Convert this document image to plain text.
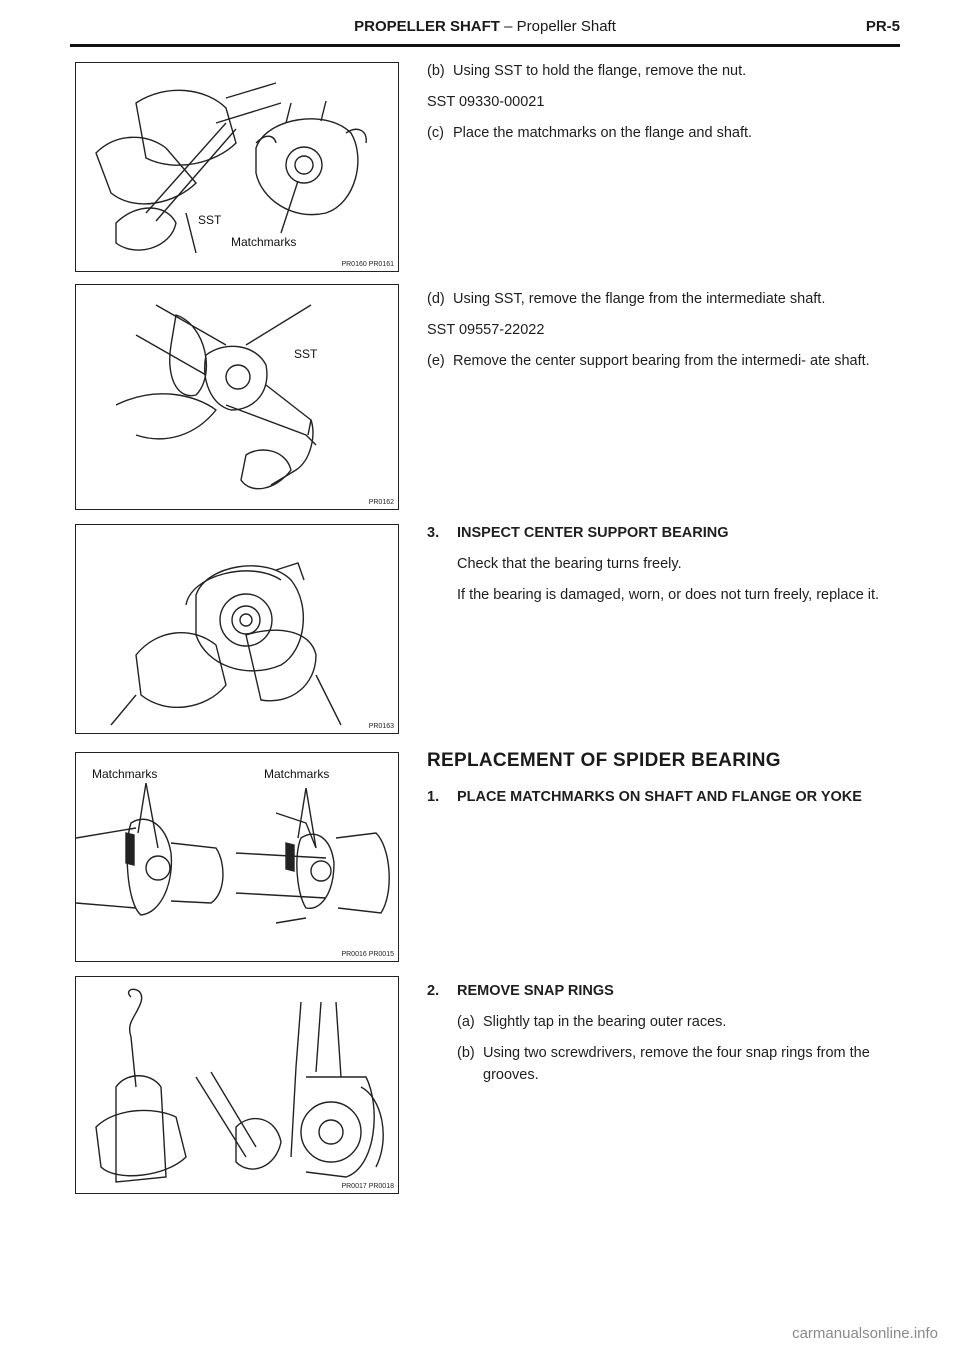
PROPELLER SHAFT – Propeller Shaft	PR-5
SST
Matchmarks
PR0160 PR0161
SST
PR0162
PR0163
Matchmarks	Matchmarks
PR0016 PR0015
PR0017 PR0018

(b) Using SST to hold the flange, remove the nut.

SST 09330-00021

(c) Place the matchmarks on the flange and shaft.

(d) Using SST, remove the flange from the intermediate shaft.

SST 09557-22022

(e) Remove the center support bearing from the intermedi- ate shaft.

3.	INSPECT CENTER SUPPORT BEARING

Check that the bearing turns freely.

If the bearing is damaged, worn, or does not turn freely, replace it.

REPLACEMENT OF SPIDER BEARING

1.	PLACE MATCHMARKS ON SHAFT AND FLANGE OR YOKE

2.	REMOVE SNAP RINGS

(a) Slightly tap in the bearing outer races.

(b) Using two screwdrivers, remove the four snap rings from the grooves.

carmanualsonline.info
